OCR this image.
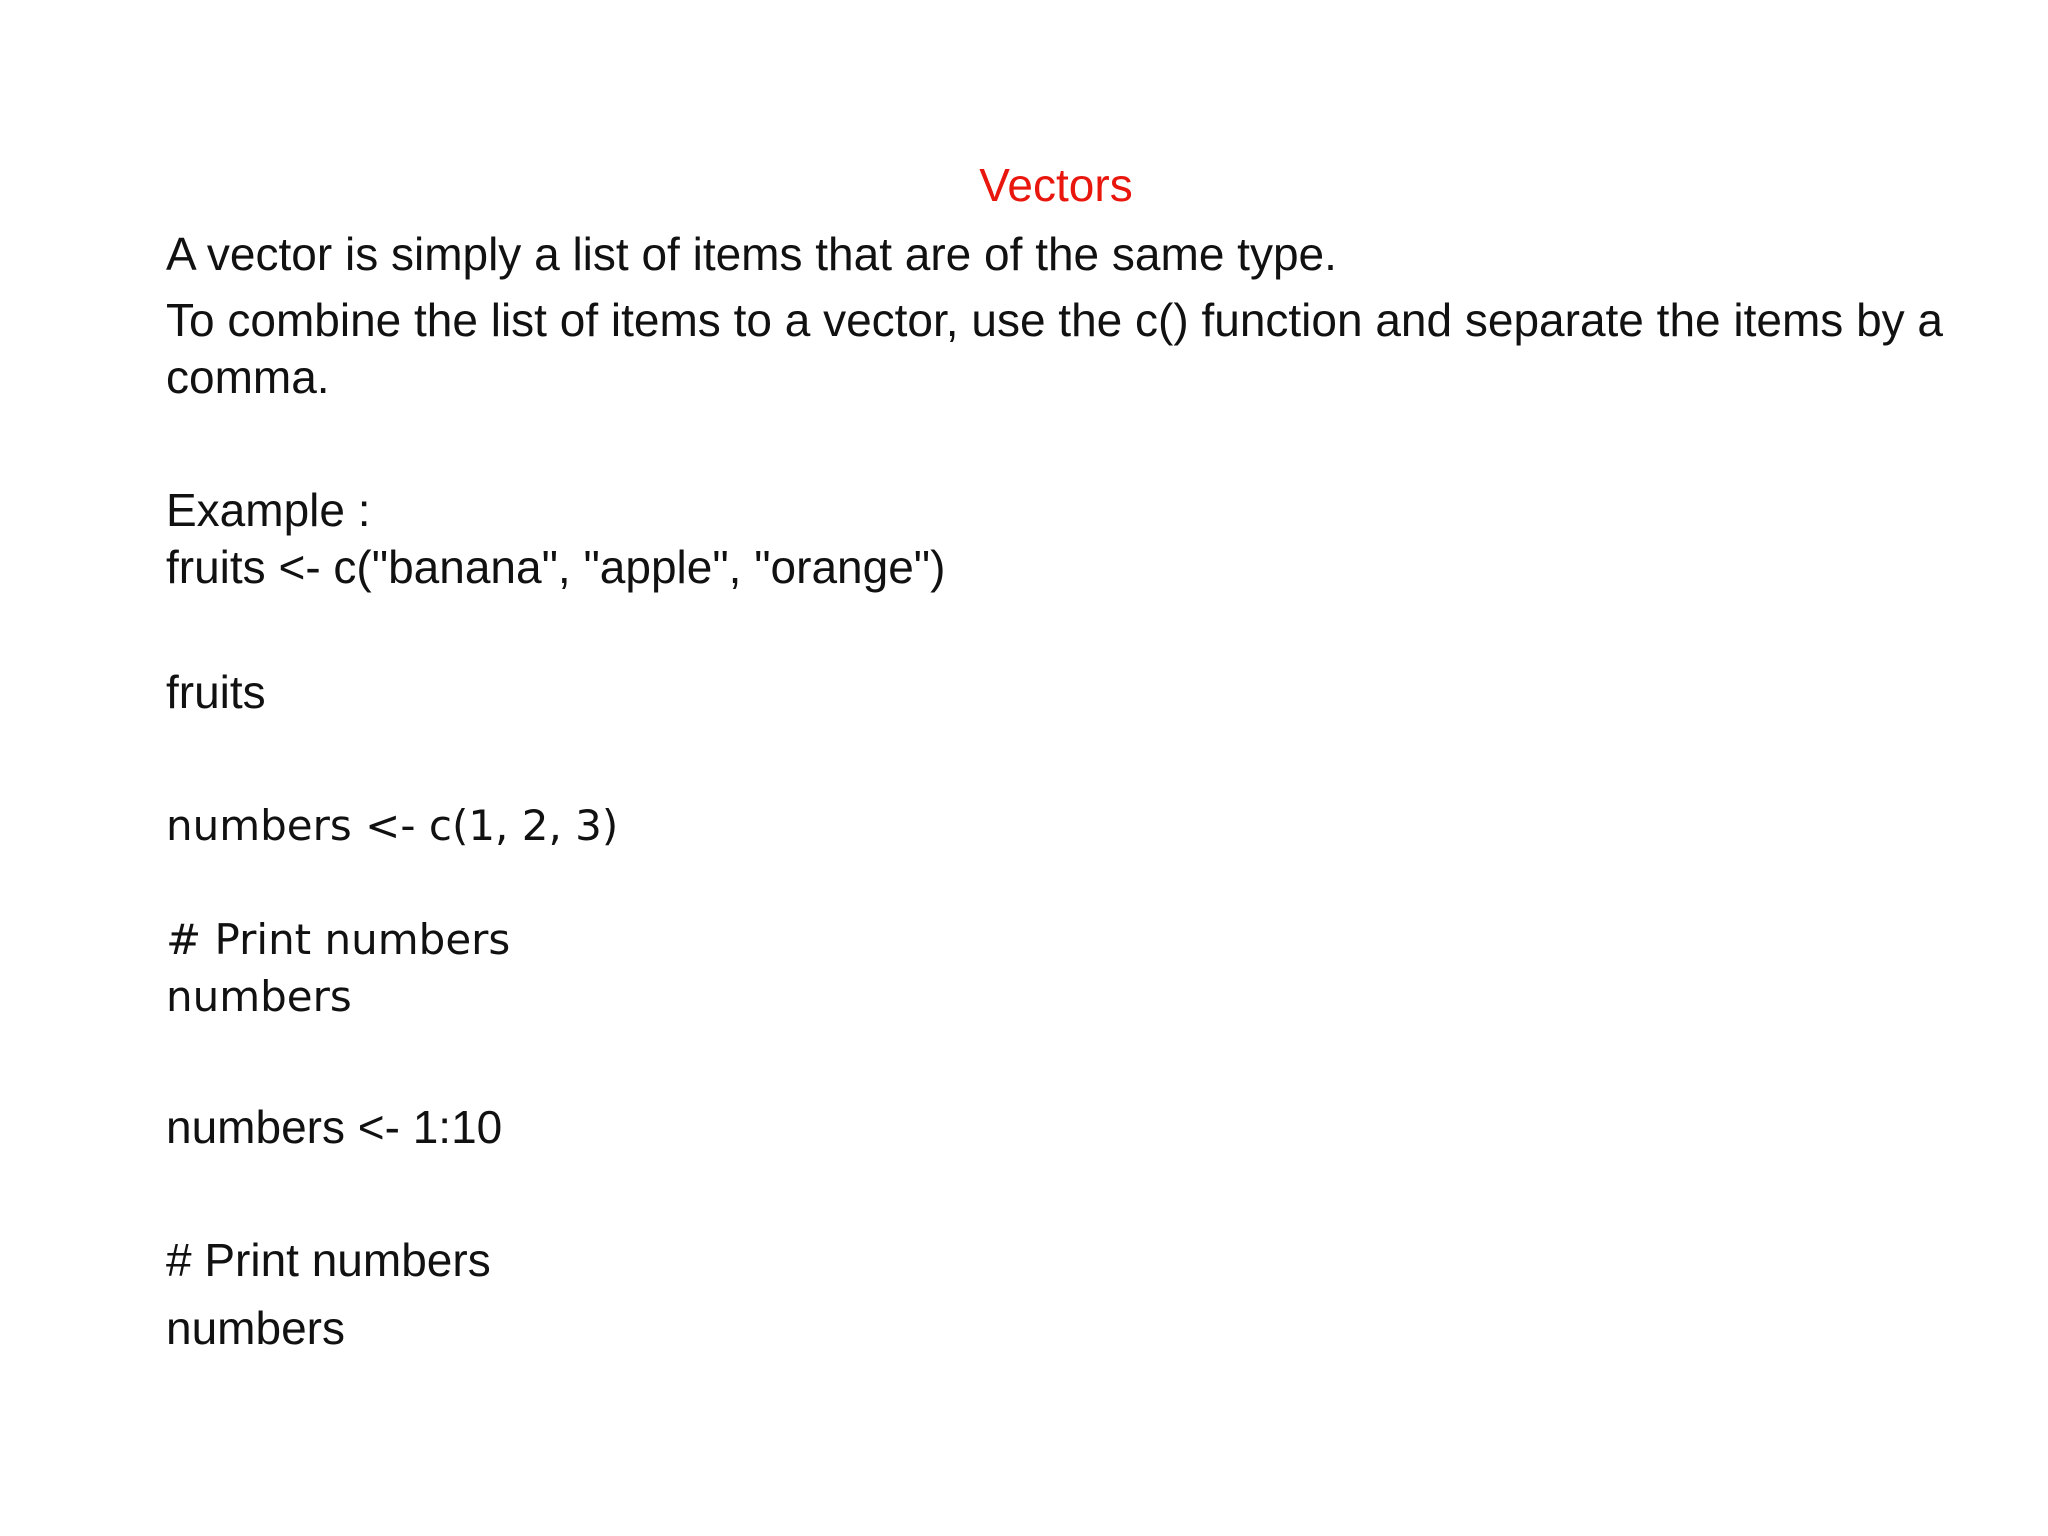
Vectors
A vector is simply a list of items that are of the same type.
To combine the list of items to a vector, use the c() function and separate the items by a comma.
Example :
fruits <- c("banana", "apple", "orange")
fruits
numbers <- c(1, 2, 3)
# Print numbers
numbers
numbers <- 1:10
# Print numbers
numbers
